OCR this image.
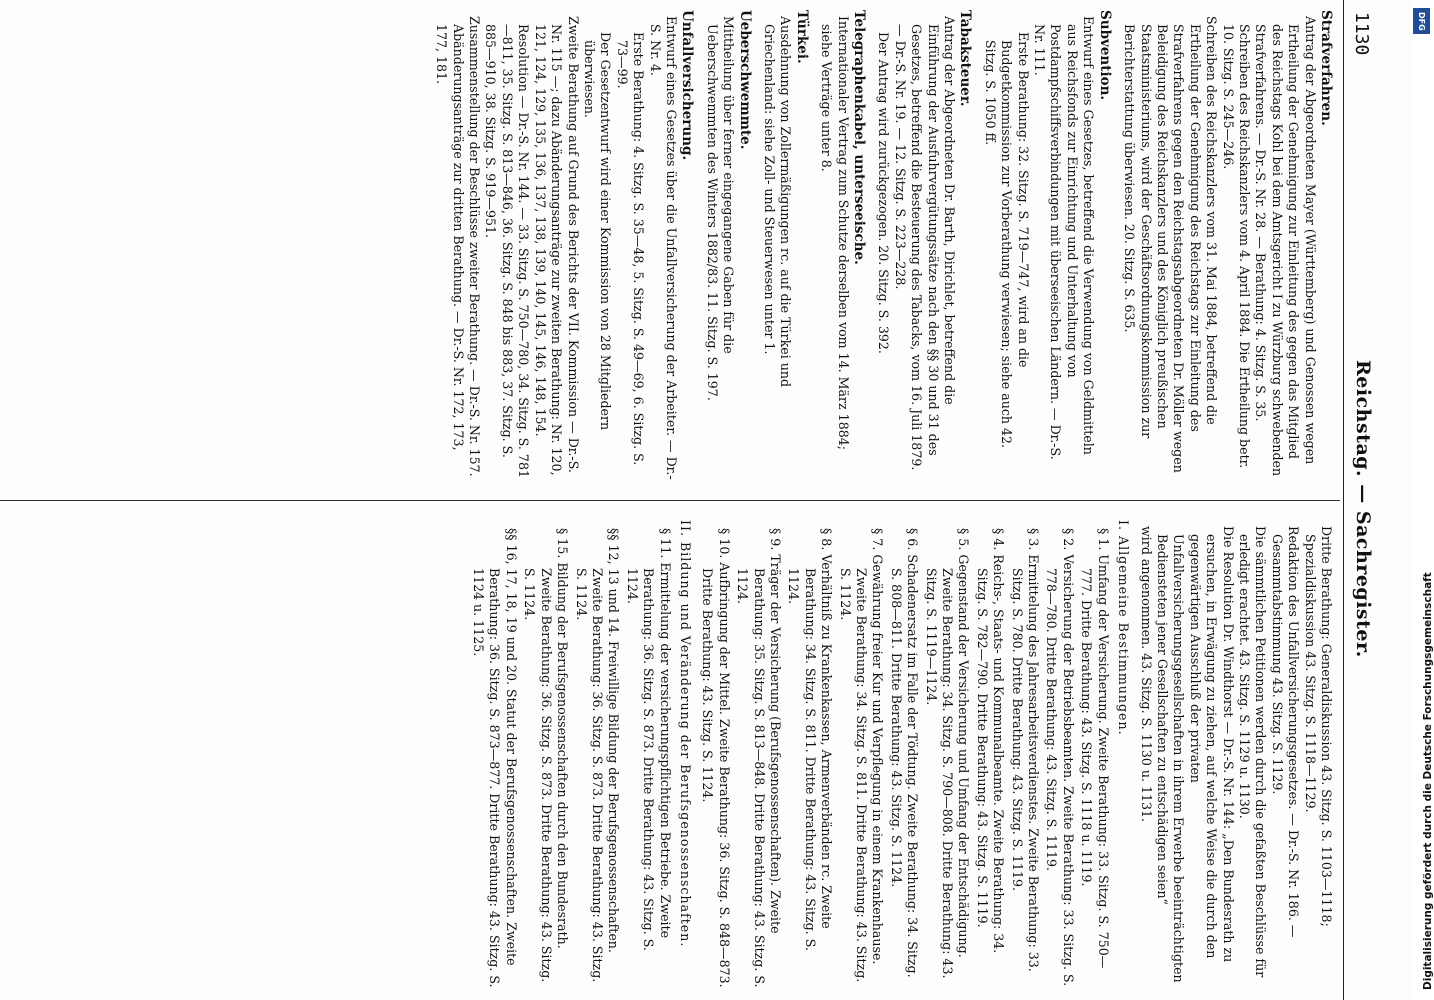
1130
Reichstag. — Sachregister.
Strafverfahren.
Antrag der Abgeordneten Mayer (Württemberg) und Genossen wegen Ertheilung der Genehmigung zur Einleitung des gegen das Mitglied des Reichstags Kohl bei dem Amtsgericht I zu Würzburg schwebenden Strafverfahrens. — Dr.-S. Nr. 28. — Berathung: 4. Sitzg. S. 35. Schreiben des Reichskanzlers vom 4. April 1884. Die Ertheilung betr. 10. Sitzg. S. 245—246.
Schreiben des Reichskanzlers vom 31. Mai 1884, betreffend die Ertheilung der Genehmigung des Reichstags zur Einleitung des Strafverfahrens gegen den Reichstagsabgeordneten Dr. Möller wegen Beleidigung des Reichskanzlers und des Königlich preußischen Staatsministeriums, wird der Geschäftsordnungskommission zur Berichterstattung überwiesen. 20. Sitzg. S. 635.
Subvention.
Entwurf eines Gesetzes, betreffend die Verwendung von Geldmitteln aus Reichsfonds zur Einrichtung und Unterhaltung von Postdampfschiffsverbindungen mit überseeischen Ländern. — Dr.-S. Nr. 111.
Erste Berathung: 32. Sitzg. S. 719—747, wird an die Budgetkommission zur Vorberathung verwiesen; siehe auch 42. Sitzg. S. 1050 ff.
Tabaksteuer.
Antrag der Abgeordneten Dr. Barth, Dirichlet, betreffend die Einführung der Ausfuhrvergütungssätze nach den §§ 30 und 31 des Gesetzes, betreffend die Besteuerung des Tabacks, vom 16. Juli 1879. — Dr.-S. Nr. 19. — 12. Sitzg. S. 223—228.
Der Antrag wird zurückgezogen. 20. Sitzg. S. 392.
Telegraphenkabel, unterseeische.
Internationaler Vertrag zum Schutze derselben vom 14. März 1884; siehe Verträge unter 8.
Türkei.
Ausdehnung von Zollermäßigungen rc. auf die Türkei und Griechenland: siehe Zoll- und Steuerwesen unter 1.
Ueberschwemmte.
Mittheilung über ferner eingegangene Gaben für die Ueberschwemmten des Winters 1882/83. 11. Sitzg. S. 197.
Unfallversicherung.
Entwurf eines Gesetzes über die Unfallversicherung der Arbeiter. — Dr.-S. Nr. 4.
Erste Berathung: 4. Sitzg. S. 35—48, 5. Sitzg. S. 49—69, 6. Sitzg. S. 73—99.
Der Gesetzentwurf wird einer Kommission von 28 Mitgliedern überwiesen.
Zweite Berathung auf Grund des Berichts der VII. Kommission — Dr.-S. Nr. 115 —; dazu Abänderungsanträge zur zweiten Berathung: Nr. 120, 121, 124, 129, 135, 136, 137, 138, 139, 140, 145, 146, 148, 154. Resolution — Dr.-S. Nr. 144. — 33. Sitzg. S. 750—780, 34. Sitzg. S. 781—811, 35. Sitzg. S. 813—846, 36. Sitzg. S. 848 bis 883, 37. Sitzg. S. 885—910, 38. Sitzg. S. 919—951.
Zusammenstellung der Beschlüsse zweiter Berathung. — Dr.-S. Nr. 157. Abänderungsanträge zur dritten Berathung. — Dr.-S. Nr. 172, 173, 177, 181.
Dritte Berathung: Generaldiskussion 43. Sitzg. S. 1103—1118; Spezialdiskussion 43. Sitzg. S. 1118—1129.
Redaktion des Unfallversicherungsgesetzes. — Dr.-S. Nr. 186. — Gesammtabstimmung 43. Sitzg. S. 1129.
Die sämmtlichen Petitionen werden durch die gefaßten Beschlüsse für erledigt erachtet. 43. Sitzg. S. 1129 u. 1130.
Die Resolution Dr. Windthorst — Dr.-S. Nr. 144: „Den Bundesrath zu ersuchen, in Erwägung zu ziehen, auf welche Weise die durch den gegenwärtigen Ausschluß der privaten Unfallversicherungsgesellschaften in ihrem Erwerbe beeinträchtigten Bediensteten jener Gesellschaften zu entschädigen seien“
wird angenommen. 43. Sitzg. S. 1130 u. 1131.
I. Allgemeine Bestimmungen.
§ 1. Umfang der Versicherung. Zweite Berathung: 33. Sitzg. S. 750—777. Dritte Berathung: 43. Sitzg. S. 1118 u. 1119.
§ 2. Versicherung der Betriebsbeamten. Zweite Berathung: 33. Sitzg. S. 778—780. Dritte Berathung: 43. Sitzg. S. 1119.
§ 3. Ermittelung des Jahresarbeitsverdienstes. Zweite Berathung: 33. Sitzg. S. 780. Dritte Berathung: 43. Sitzg. S. 1119.
§ 4. Reichs-, Staats- und Kommunalbeamte. Zweite Berathung: 34. Sitzg. S. 782—790. Dritte Berathung: 43. Sitzg. S. 1119.
§ 5. Gegenstand der Versicherung und Umfang der Entschädigung. Zweite Berathung: 34. Sitzg. S. 790—808. Dritte Berathung: 43. Sitzg. S. 1119—1124.
§ 6. Schadenersatz im Falle der Tödtung. Zweite Berathung: 34. Sitzg. S. 808—811. Dritte Berathung: 43. Sitzg. S. 1124.
§ 7. Gewährung freier Kur und Verpflegung in einem Krankenhause. Zweite Berathung: 34. Sitzg. S. 811. Dritte Berathung: 43. Sitzg. S. 1124.
§ 8. Verhältniß zu Krankenkassen, Armenverbänden rc. Zweite Berathung: 34. Sitzg. S. 811. Dritte Berathung: 43. Sitzg. S. 1124.
§ 9. Träger der Versicherung (Berufsgenossenschaften). Zweite Berathung: 35. Sitzg. S. 813—848. Dritte Berathung: 43. Sitzg. S. 1124.
§ 10. Aufbringung der Mittel. Zweite Berathung: 36. Sitzg. S. 848—873. Dritte Berathung: 43. Sitzg. S. 1124.
II. Bildung und Veränderung der Berufsgenossenschaften.
§ 11. Ermittelung der versicherungspflichtigen Betriebe. Zweite Berathung: 36. Sitzg. S. 873. Dritte Berathung: 43. Sitzg. S. 1124.
§§ 12, 13 und 14. Freiwillige Bildung der Berufsgenossenschaften. Zweite Berathung: 36. Sitzg. S. 873. Dritte Berathung: 43. Sitzg. S. 1124.
§ 15. Bildung der Berufsgenossenschaften durch den Bundesrath. Zweite Berathung: 36. Sitzg. S. 873. Dritte Berathung: 43. Sitzg. S. 1124.
§§ 16, 17, 18, 19 und 20. Statut der Berufsgenossenschaften. Zweite Berathung: 36. Sitzg. S. 873—877. Dritte Berathung: 43. Sitzg. S. 1124 u. 1125.	Digitalisierung gefördert durch die Deutsche Forschungsgemeinschaft
DFG
